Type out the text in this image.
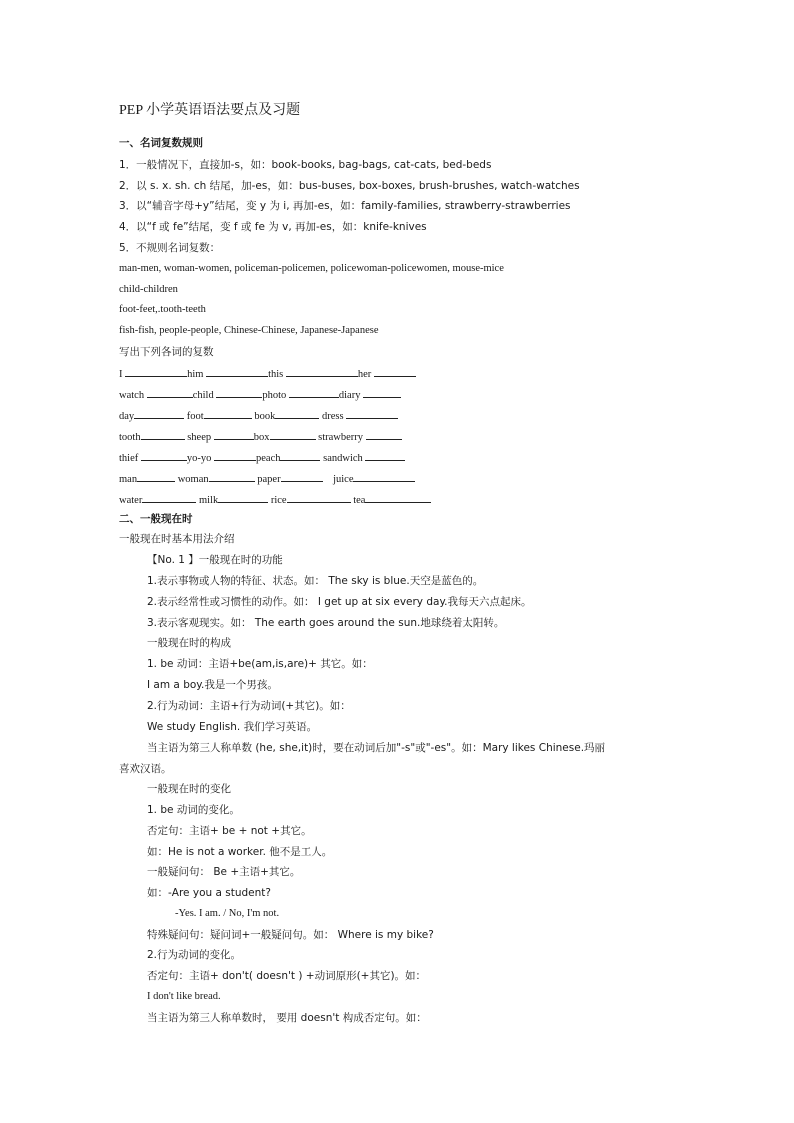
PEP 小学英语语法要点及习题
一、名词复数规则
1．一般情况下，直接加-s，如：book-books, bag-bags, cat-cats, bed-beds
2．以 s. x. sh. ch 结尾，加-es，如：bus-buses, box-boxes, brush-brushes, watch-watches
3．以“辅音字母+y”结尾，变 y 为 i, 再加-es，如：family-families, strawberry-strawberries
4．以“f 或 fe”结尾，变 f 或 fe 为 v, 再加-es，如：knife-knives
5．不规则名词复数：
man-men, woman-women, policeman-policemen, policewoman-policewomen, mouse-mice
child-children
foot-feet,.tooth-teeth
fish-fish, people-people, Chinese-Chinese, Japanese-Japanese
写出下列各词的复数
I	him	this	her
watch	child	photo	diary
day	foot	book	dress
tooth	sheep	box	strawberry
thief	yo-yo	peach	sandwich
man	woman	paper	juice
water	milk	rice	tea
二、一般现在时
一般现在时基本用法介绍
【No. 1 】一般现在时的功能
1.表示事物或人物的特征、状态。如： The sky is blue.天空是蓝色的。
2.表示经常性或习惯性的动作。如： I get up at six every day.我每天六点起床。
3.表示客观现实。如： The earth goes around the sun.地球绕着太阳转。
一般现在时的构成
1. be 动词：主语+be(am,is,are)+ 其它。如：
I am a boy.我是一个男孩。
2.行为动词：主语+行为动词(+其它)。如：
We study English. 我们学习英语。
当主语为第三人称单数 (he, she,it)时，要在动词后加"-s"或"-es"。如：Mary likes Chinese.玛丽
喜欢汉语。
一般现在时的变化
1. be 动词的变化。
否定句：主语+ be + not +其它。
如：He is not a worker. 他不是工人。
一般疑问句： Be +主语+其它。
如：-Are you a student?
-Yes. I am. / No, I'm not.
特殊疑问句：疑问词+一般疑问句。如： Where is my bike?
2.行为动词的变化。
否定句：主语+ don't( doesn't ) +动词原形(+其它)。如：
I don't like bread.
当主语为第三人称单数时， 要用 doesn't 构成否定句。如：
